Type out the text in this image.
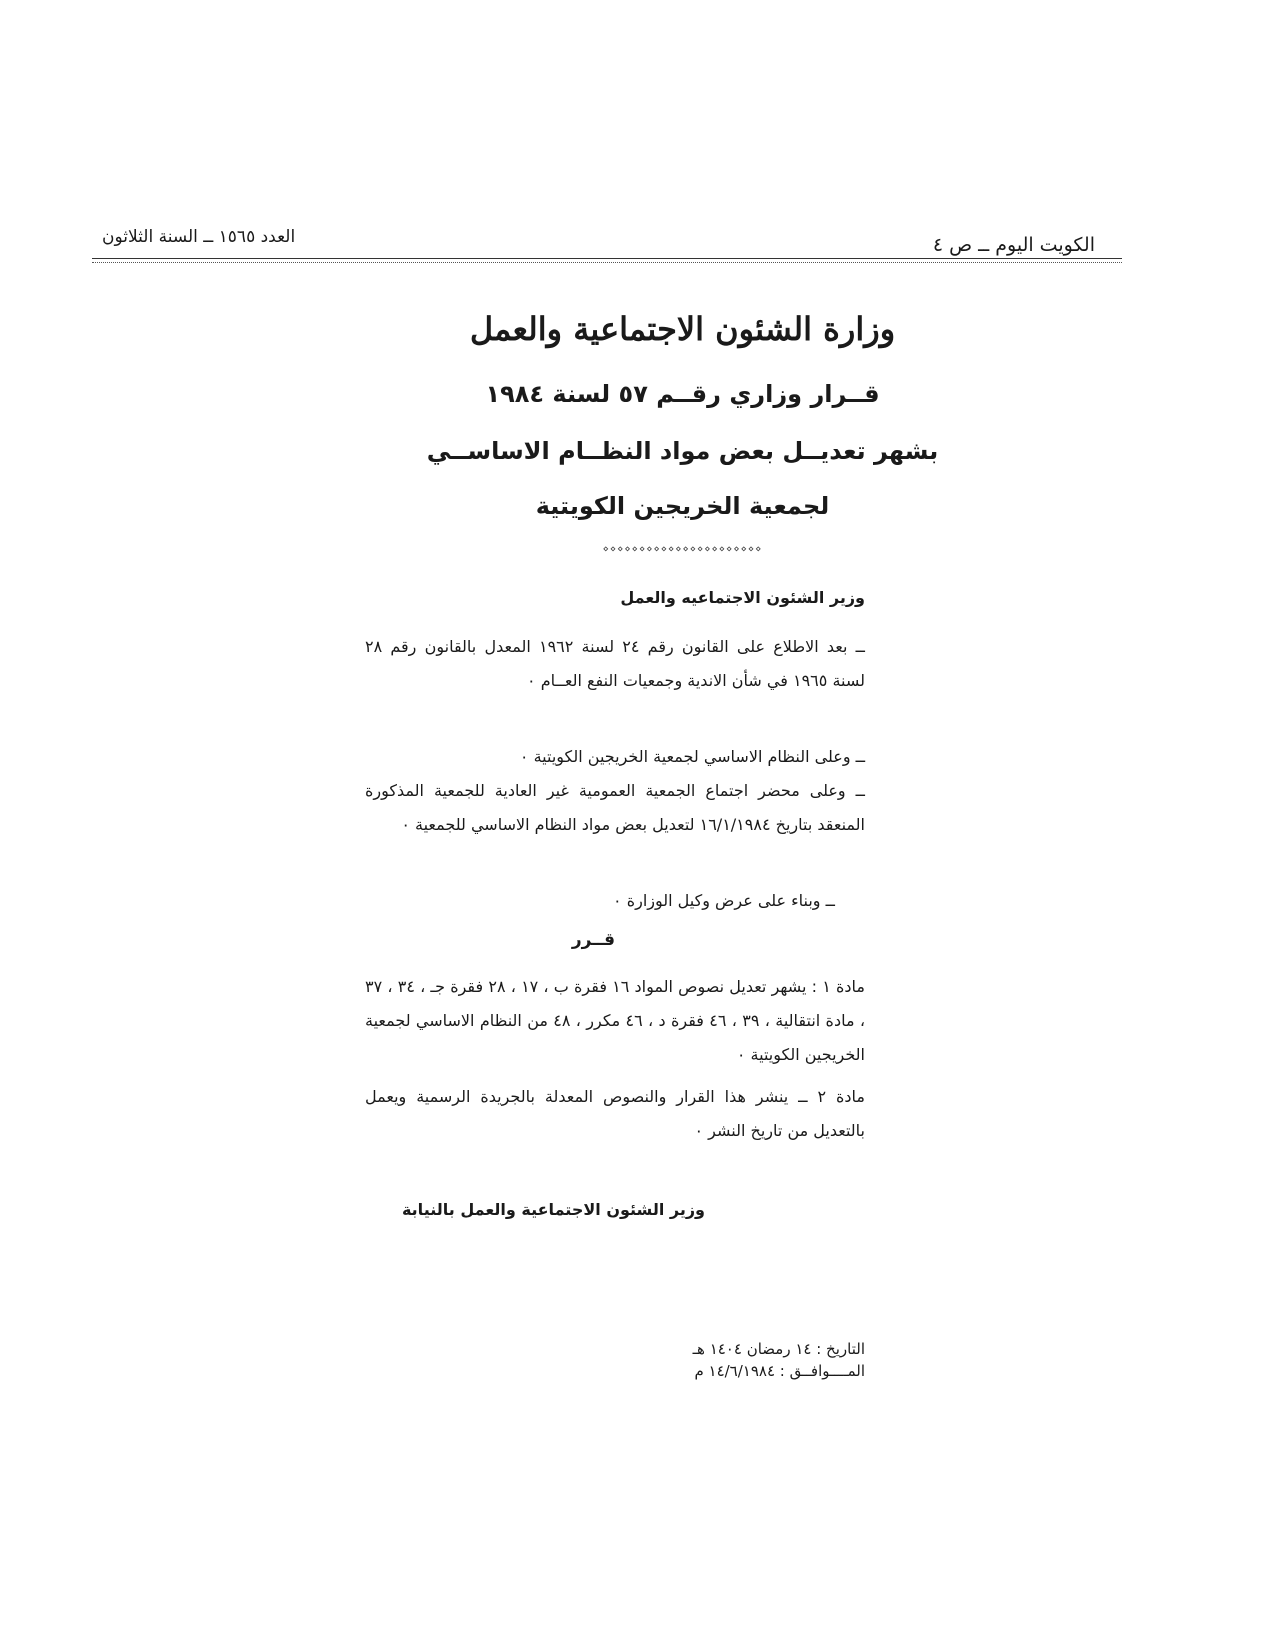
الكويت اليوم ــ ص ٤
العدد ١٥٦٥ ــ السنة الثلاثون
وزارة الشئون الاجتماعية والعمل
قــرار وزاري رقــم ٥٧ لسنة ١٩٨٤
بشهر تعديــل بعض مواد النظــام الاساســي
لجمعية الخريجين الكويتية
⋄⋄⋄⋄⋄⋄⋄⋄⋄⋄⋄⋄⋄⋄⋄⋄⋄⋄⋄⋄⋄⋄
وزير الشئون الاجتماعيه والعمل
ــ بعد الاطلاع على القانون رقم ٢٤ لسنة ١٩٦٢ المعدل بالقانون رقم ٢٨ لسنة ١٩٦٥ في شأن الاندية وجمعيات النفع العــام ٠
ــ وعلى النظام الاساسي لجمعية الخريجين الكويتية ٠
ــ وعلى محضر اجتماع الجمعية العمومية غير العادية للجمعية المذكورة المنعقد بتاريخ ١٦/١/١٩٨٤ لتعديل بعض مواد النظام الاساسي للجمعية ٠
ــ وبناء على عرض وكيل الوزارة ٠
قــرر
مادة ١ : يشهر تعديل نصوص المواد ١٦ فقرة ب ، ١٧ ، ٢٨ فقرة جـ ، ٣٤ ، ٣٧ ، مادة انتقالية ، ٣٩ ، ٤٦ فقرة د ، ٤٦ مكرر ، ٤٨ من النظام الاساسي لجمعية الخريجين الكويتية ٠
مادة ٢ ــ ينشر هذا القرار والنصوص المعدلة بالجريدة الرسمية ويعمل بالتعديل من تاريخ النشر ٠
وزير الشئون الاجتماعية والعمل بالنيابة
التاريخ : ١٤ رمضان ١٤٠٤ هـ
المــــوافــق : ١٤/٦/١٩٨٤ م
